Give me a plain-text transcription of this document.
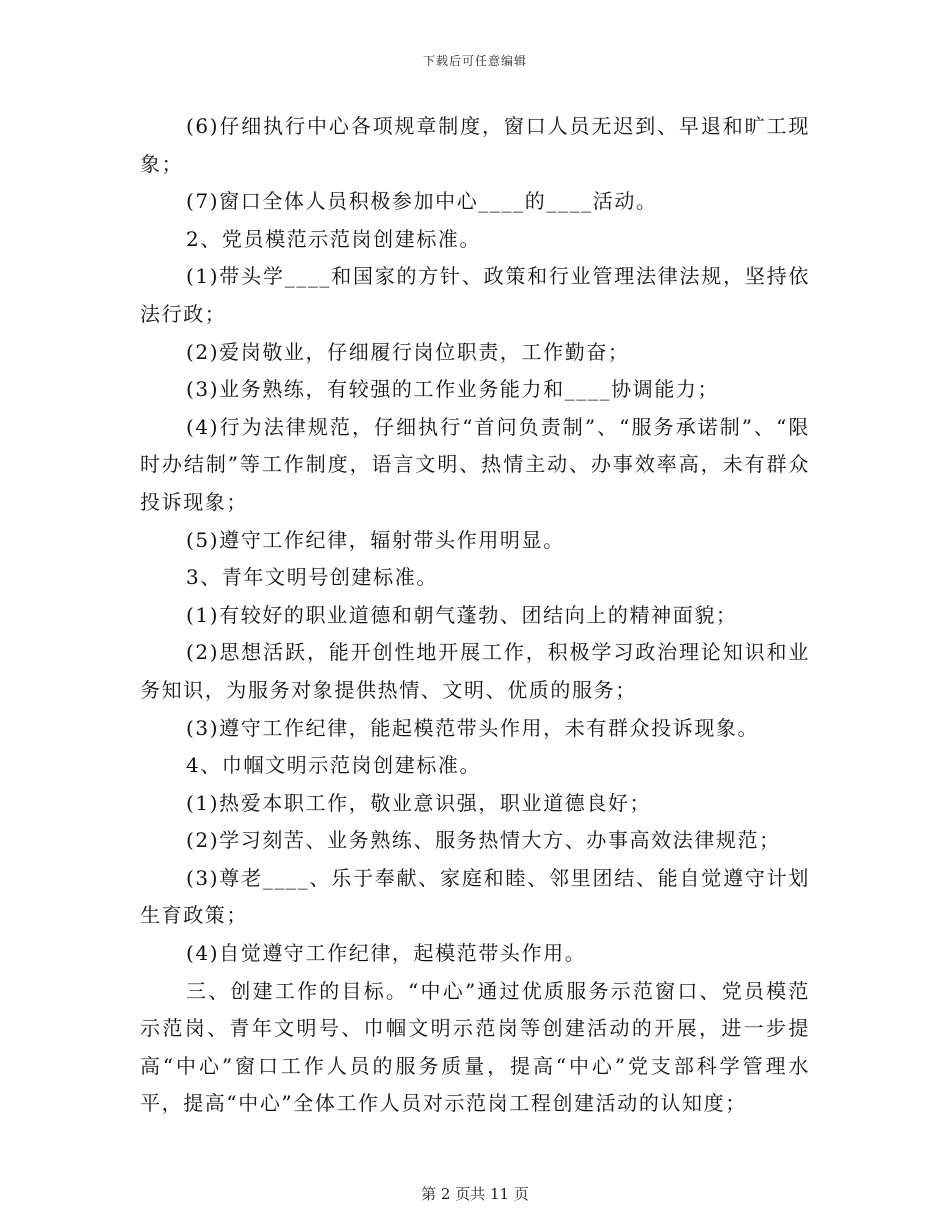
下载后可任意编辑

(6)仔细执行中心各项规章制度，窗口人员无迟到、早退和旷工现象；

(7)窗口全体人员积极参加中心____的____活动。

2、党员模范示范岗创建标准。

(1)带头学____和国家的方针、政策和行业管理法律法规，坚持依法行政；

(2)爱岗敬业，仔细履行岗位职责，工作勤奋；

(3)业务熟练，有较强的工作业务能力和____协调能力；

(4)行为法律规范，仔细执行“首问负责制”、“服务承诺制”、“限时办结制”等工作制度，语言文明、热情主动、办事效率高，未有群众投诉现象；

(5)遵守工作纪律，辐射带头作用明显。

3、青年文明号创建标准。

(1)有较好的职业道德和朝气蓬勃、团结向上的精神面貌；

(2)思想活跃，能开创性地开展工作，积极学习政治理论知识和业务知识，为服务对象提供热情、文明、优质的服务；

(3)遵守工作纪律，能起模范带头作用，未有群众投诉现象。

4、巾帼文明示范岗创建标准。

(1)热爱本职工作，敬业意识强，职业道德良好；

(2)学习刻苦、业务熟练、服务热情大方、办事高效法律规范；

(3)尊老____、乐于奉献、家庭和睦、邻里团结、能自觉遵守计划生育政策；

(4)自觉遵守工作纪律，起模范带头作用。

三、创建工作的目标。“中心”通过优质服务示范窗口、党员模范示范岗、青年文明号、巾帼文明示范岗等创建活动的开展，进一步提高“中心”窗口工作人员的服务质量，提高“中心”党支部科学管理水平，提高“中心”全体工作人员对示范岗工程创建活动的认知度；

第 2 页共 11 页
